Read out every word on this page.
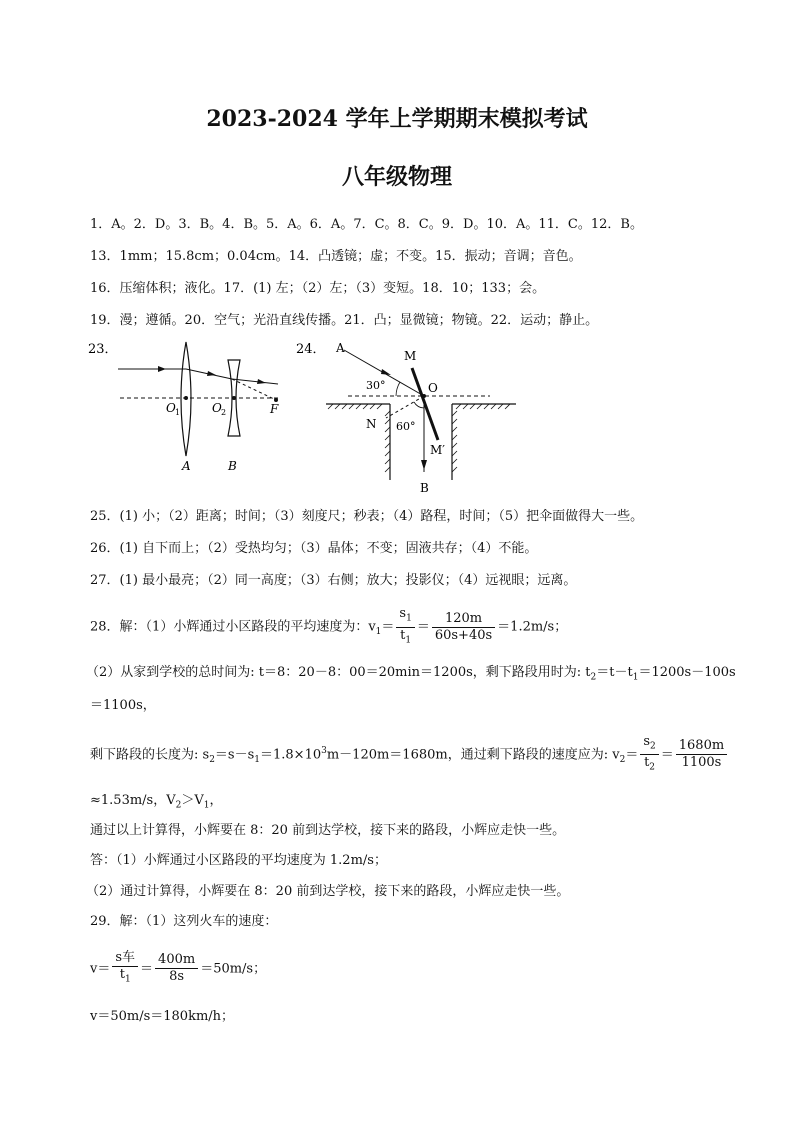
2023-2024 学年上学期期末模拟考试
八年级物理
1．A。2．D。3．B。4．B。5．A。6．A。7．C。8．C。9．D。10．A。11．C。12．B。
13．1mm；15.8cm；0.04cm。14．凸透镜；虚；不变。15．振动；音调；音色。
16．压缩体积；液化。17．(1) 左；（2）左；（3）变短。18．10；133；会。
19．漫；遵循。20．空气；光沿直线传播。21．凸；显微镜；物镜。22．运动；静止。
23．
O 1	O 2	F
A	B
24． A
M
O
N
M′
B
30°
60°
25．(1) 小；（2）距离；时间；（3）刻度尺；秒表；（4）路程，时间；（5）把伞面做得大一些。
26．(1) 自下而上；（2）受热均匀；（3）晶体；不变；固液共存；（4）不能。
27．(1) 最小最亮；（2）同一高度；（3）右侧；放大；投影仪；（4）远视眼；远离。
28．解：（1）小辉通过小区路段的平均速度为：$v_1= \frac{s_1}{t_1} = \frac{120m}{60s+40s} =1.2m/s$；
（2）从家到学校的总时间为: t＝8：20－8：00＝20min＝1200s，剩下路段用时为: $t_2=t-t_1=1200s-100s$
＝1100s，
剩下路段的长度为: $s_2=s-s_1=1.8\times 10^3m-120m=1680m$，通过剩下路段的速度应为: $v_2= \frac{s_2}{t_2} = \frac{1680m}{1100s}$
≈1.53m/s，$V_2>V_1$，
通过以上计算得，小辉要在 8：20 前到达学校，接下来的路段，小辉应走快一些。
答：（1）小辉通过小区路段的平均速度为 1.2m/s；
（2）通过计算得，小辉要在 8：20 前到达学校，接下来的路段，小辉应走快一些。
29．解：（1）这列火车的速度：
$v= \frac{\text{s车}}{t_1} = \frac{400m}{8s} =50m/s$；
v＝50m/s＝180km/h；
